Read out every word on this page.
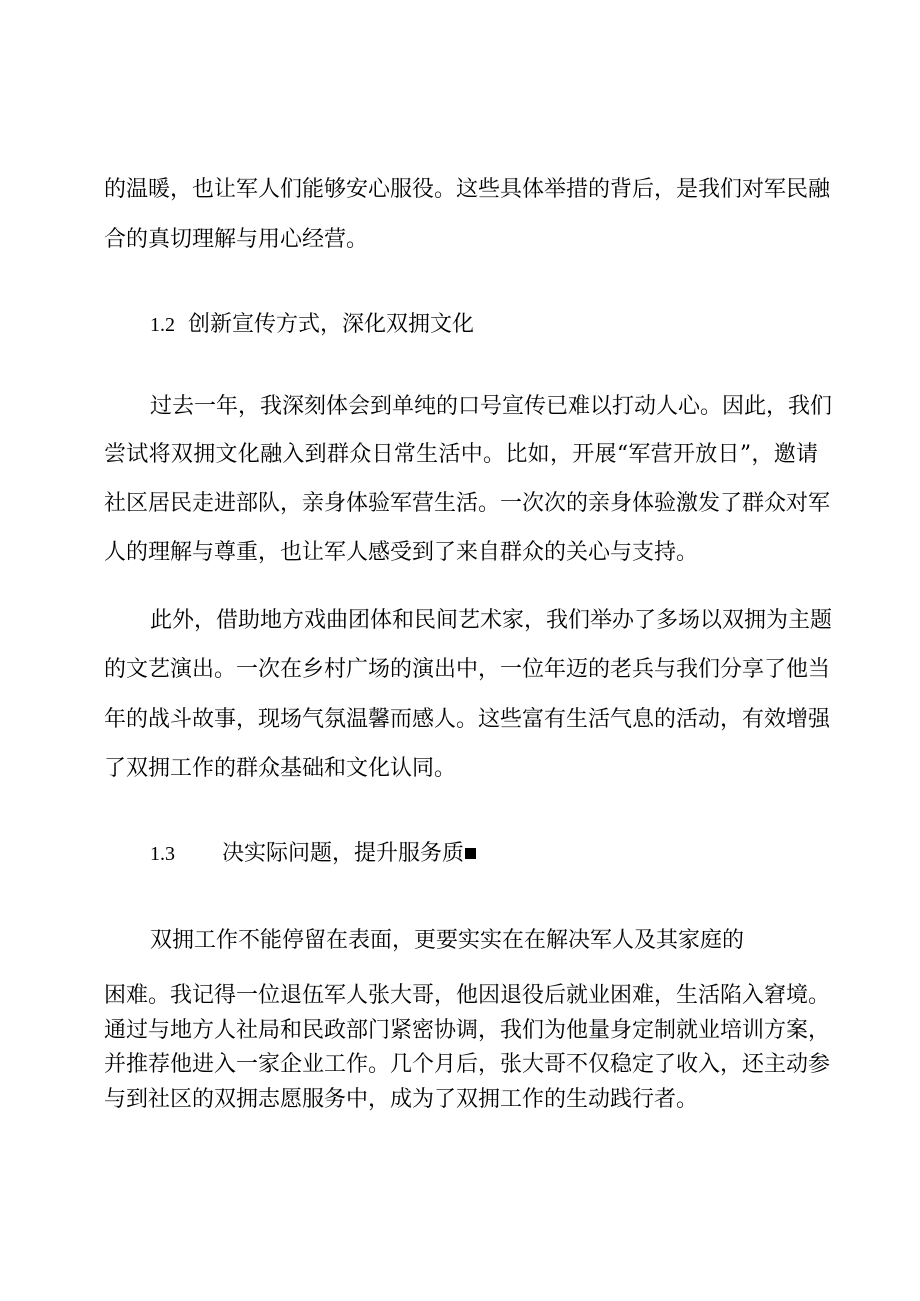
的温暖，也让军人们能够安心服役。这些具体举措的背后，是我们对军民融

合的真切理解与用心经营。

1.2 创新宣传方式，深化双拥文化

过去一年，我深刻体会到单纯的口号宣传已难以打动人心。因此，我们

尝试将双拥文化融入到群众日常生活中。比如，开展“军营开放日”，邀请

社区居民走进部队，亲身体验军营生活。一次次的亲身体验激发了群众对军

人的理解与尊重，也让军人感受到了来自群众的关心与支持。

此外，借助地方戏曲团体和民间艺术家，我们举办了多场以双拥为主题

的文艺演出。一次在乡村广场的演出中，一位年迈的老兵与我们分享了他当

年的战斗故事，现场气氛温馨而感人。这些富有生活气息的活动，有效增强

了双拥工作的群众基础和文化认同。

1.3 决实际问题，提升服务质

双拥工作不能停留在表面，更要实实在在解决军人及其家庭的

困难。我记得一位退伍军人张大哥，他因退役后就业困难，生活陷入窘境。

通过与地方人社局和民政部门紧密协调，我们为他量身定制就业培训方案，

并推荐他进入一家企业工作。几个月后，张大哥不仅稳定了收入，还主动参

与到社区的双拥志愿服务中，成为了双拥工作的生动践行者。
